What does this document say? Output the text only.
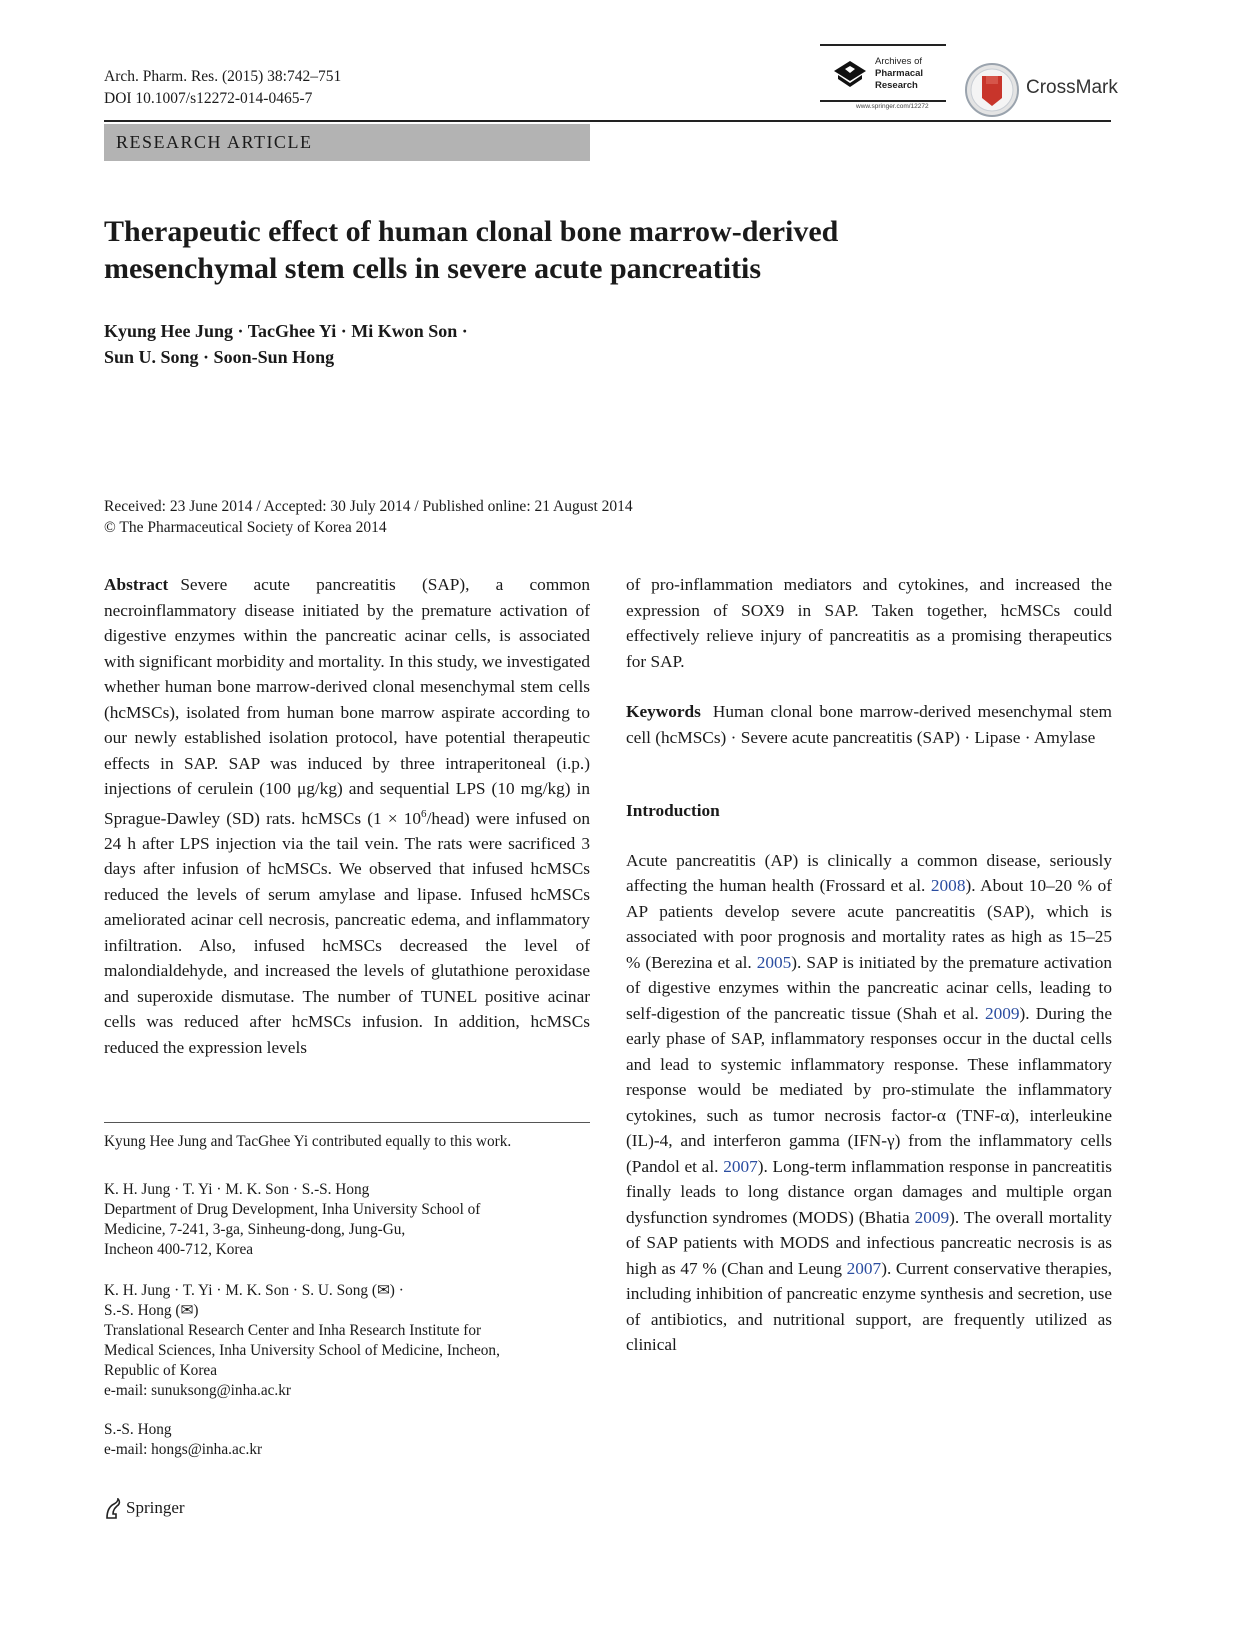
Arch. Pharm. Res. (2015) 38:742–751
DOI 10.1007/s12272-014-0465-7
Archives of
Pharmacal
Research
www.springer.com/12272
CrossMark
RESEARCH ARTICLE
Therapeutic effect of human clonal bone marrow-derived
mesenchymal stem cells in severe acute pancreatitis
Kyung Hee Jung · TacGhee Yi · Mi Kwon Son ·
Sun U. Song · Soon-Sun Hong
Received: 23 June 2014 / Accepted: 30 July 2014 / Published online: 21 August 2014
© The Pharmaceutical Society of Korea 2014

Abstract Severe acute pancreatitis (SAP), a common necroinflammatory disease initiated by the premature activation of digestive enzymes within the pancreatic acinar cells, is associated with significant morbidity and mortality. In this study, we investigated whether human bone marrow-derived clonal mesenchymal stem cells (hcMSCs), isolated from human bone marrow aspirate according to our newly established isolation protocol, have potential therapeutic effects in SAP. SAP was induced by three intraperitoneal (i.p.) injections of cerulein (100 μg/kg) and sequential LPS (10 mg/kg) in Sprague-Dawley (SD) rats. hcMSCs $(1 \times 10^6/head)$ were infused on 24 h after LPS injection via the tail vein. The rats were sacrificed 3 days after infusion of hcMSCs. We observed that infused hcMSCs reduced the levels of serum amylase and lipase. Infused hcMSCs ameliorated acinar cell necrosis, pancreatic edema, and inflammatory infiltration. Also, infused hcMSCs decreased the level of malondialdehyde, and increased the levels of glutathione peroxidase and superoxide dismutase. The number of TUNEL positive acinar cells was reduced after hcMSCs infusion. In addition, hcMSCs reduced the expression levels

Kyung Hee Jung and TacGhee Yi contributed equally to this work.
K. H. Jung · T. Yi · M. K. Son · S.-S. Hong
Department of Drug Development, Inha University School of
Medicine, 7-241, 3-ga, Sinheung-dong, Jung-Gu,
Incheon 400-712, Korea
K. H. Jung · T. Yi · M. K. Son · S. U. Song (✉) ·
S.-S. Hong (✉)
Translational Research Center and Inha Research Institute for
Medical Sciences, Inha University School of Medicine, Incheon,
Republic of Korea
e-mail: sunuksong@inha.ac.kr
S.-S. Hong
e-mail: hongs@inha.ac.kr

of pro-inflammation mediators and cytokines, and increased the expression of SOX9 in SAP. Taken together, hcMSCs could effectively relieve injury of pancreatitis as a promising therapeutics for SAP.

Keywords Human clonal bone marrow-derived mesenchymal stem cell (hcMSCs) · Severe acute pancreatitis (SAP) · Lipase · Amylase

Introduction

Acute pancreatitis (AP) is clinically a common disease, seriously affecting the human health (Frossard et al. 2008). About 10–20 % of AP patients develop severe acute pancreatitis (SAP), which is associated with poor prognosis and mortality rates as high as 15–25 % (Berezina et al. 2005). SAP is initiated by the premature activation of digestive enzymes within the pancreatic acinar cells, leading to self-digestion of the pancreatic tissue (Shah et al. 2009). During the early phase of SAP, inflammatory responses occur in the ductal cells and lead to systemic inflammatory response. These inflammatory response would be mediated by pro-stimulate the inflammatory cytokines, such as tumor necrosis factor-α (TNF-α), interleukine (IL)-4, and interferon gamma (IFN-γ) from the inflammatory cells (Pandol et al. 2007). Long-term inflammation response in pancreatitis finally leads to long distance organ damages and multiple organ dysfunction syndromes (MODS) (Bhatia 2009). The overall mortality of SAP patients with MODS and infectious pancreatic necrosis is as high as 47 % (Chan and Leung 2007). Current conservative therapies, including inhibition of pancreatic enzyme synthesis and secretion, use of antibiotics, and nutritional support, are frequently utilized as clinical

Springer
